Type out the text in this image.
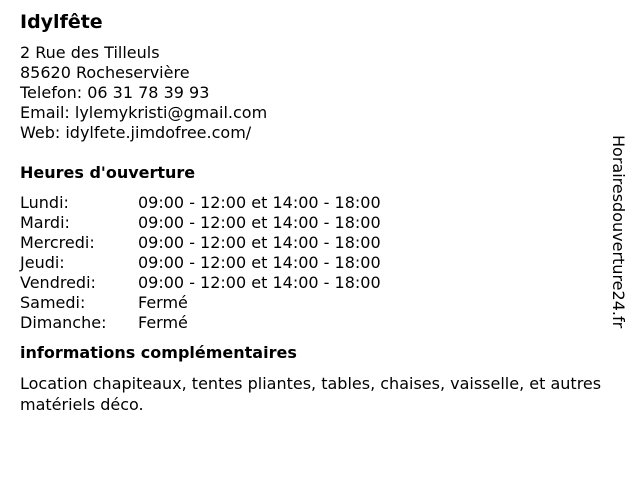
Idylfête
2 Rue des Tilleuls
85620 Rocheservière
Telefon: 06 31 78 39 93
Email: lylemykristi@gmail.com
Web: idylfete.jimdofree.com/
Heures d'ouverture
Lundi:	09:00 - 12:00 et 14:00 - 18:00
Mardi:	09:00 - 12:00 et 14:00 - 18:00
Mercredi:	09:00 - 12:00 et 14:00 - 18:00
Jeudi:	09:00 - 12:00 et 14:00 - 18:00
Vendredi:	09:00 - 12:00 et 14:00 - 18:00
Samedi:	Fermé
Dimanche:	Fermé
informations complémentaires
Location chapiteaux, tentes pliantes, tables, chaises, vaisselle, et autres matériels déco.
Horairesdouverture24.fr
